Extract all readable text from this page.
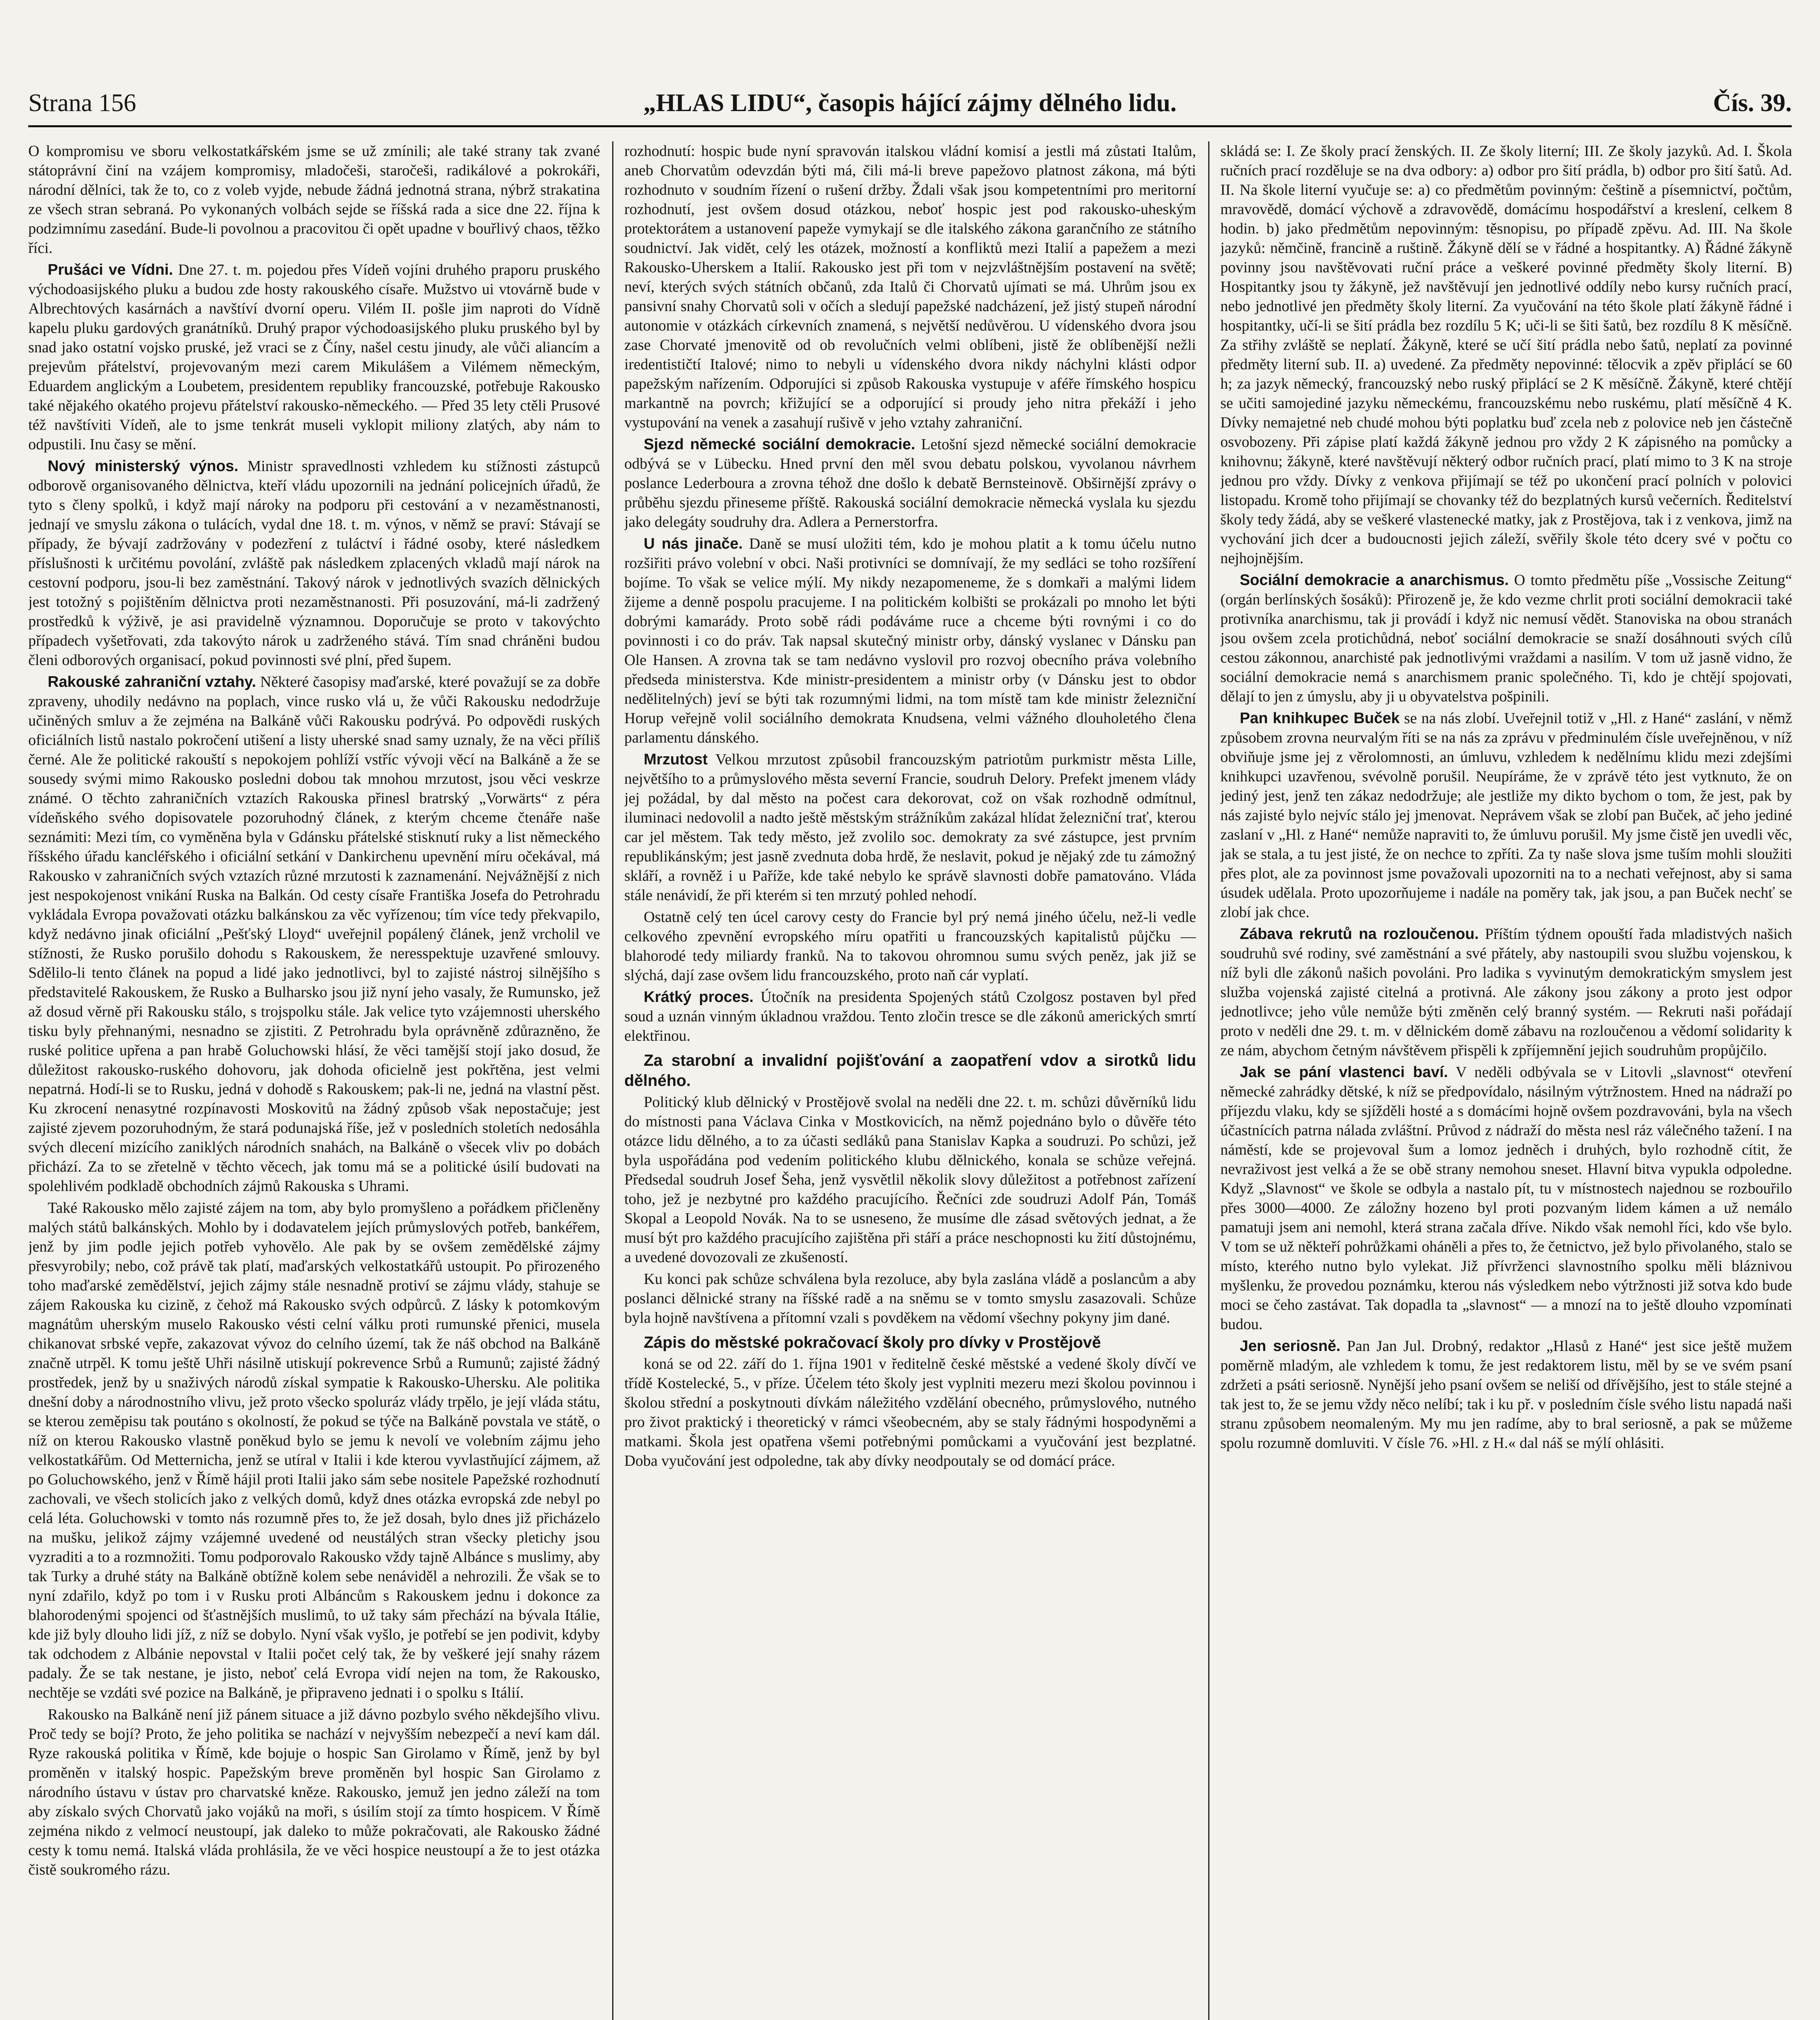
Strana 156	„HLAS LIDU“, časopis hájící zájmy dělného lidu.	Čís. 39.

O kompromisu ve sboru velkostatkářském jsme se už zmínili; ale také strany tak zvané státoprávní činí na vzájem kompromisy, mladočeši, staročeši, radikálové a pokrokáři, národní dělníci, tak že to, co z voleb vyjde, nebude žádná jednotná strana, nýbrž strakatina ze všech stran sebraná. Po vykonaných volbách sejde se říšská rada a sice dne 22. října k podzimnímu zasedání. Bude-li povolnou a pracovitou či opět upadne v bouřlivý chaos, těžko říci.

Prušáci ve Vídni. Dne 27. t. m. pojedou přes Vídeň vojíni druhého praporu pruského východoasijského pluku a budou zde hosty rakouského císaře. Mužstvo ui vtovárně bude v Albrechtových kasárnách a navštíví dvorní operu. Vilém II. pošle jim naproti do Vídně kapelu pluku gardových granátníků. Druhý prapor východoasijského pluku pruského byl by snad jako ostatní vojsko pruské, jež vraci se z Číny, našel cestu jinudy, ale vůči aliancím a prejevům přátelství, projevovaným mezi carem Mikulášem a Vilémem německým, Eduardem anglickým a Loubetem, presidentem republiky francouzské, potřebuje Rakousko také nějakého okatého projevu přátelství rakousko-německého. — Před 35 lety ctěli Prusové též navštíviti Vídeň, ale to jsme tenkrát museli vyklopit miliony zlatých, aby nám to odpustili. Inu časy se mění.

Nový ministerský výnos. Ministr spravedlnosti vzhledem ku stížnosti zástupců odborově organisovaného dělnictva, kteří vládu upozornili na jednání policejních úřadů, že tyto s členy spolků, i když mají nároky na podporu při cestování a v nezaměstnanosti, jednají ve smyslu zákona o tulácích, vydal dne 18. t. m. výnos, v němž se praví: Stávají se případy, že bývají zadržovány v podezření z tuláctví i řádné osoby, které následkem příslušnosti k určitému povolání, zvláště pak následkem zplacených vkladů mají nárok na cestovní podporu, jsou-li bez zaměstnání. Takový nárok v jednotlivých svazích dělnických jest totožný s pojištěním dělnictva proti nezaměstnanosti. Při posuzování, má-li zadržený prostředků k výživě, je asi pravidelně významnou. Doporučuje se proto v takovýchto případech vyšetřovati, zda takovýto nárok u zadrženého stává. Tím snad chráněni budou členi odborových organisací, pokud povinnosti své plní, před šupem.

Rakouské zahraniční vztahy. Některé časopisy maďarské, které považují se za dobře zpraveny, uhodily nedávno na poplach, vince rusko vlá u, že vůči Rakousku nedodržuje učiněných smluv a že zejména na Balkáně vůči Rakousku podrývá. Po odpovědi ruských oficiálních listů nastalo pokročení utišení a listy uherské snad samy uznaly, že na věci příliš černé. Ale že politické rakouští s nepokojem pohlíží vstříc vývoji věcí na Balkáně a že se sousedy svými mimo Rakousko posledni dobou tak mnohou mrzutost, jsou věci veskrze známé. O těchto zahraničních vztazích Rakouska přinesl bratrský „Vorwärts“ z péra vídeňského svého dopisovatele pozoruhodný článek, z kterým chceme čtenáře naše seznámiti: Mezi tím, co vyměněna byla v Gdánsku přátelské stisknutí ruky a list německého říšského úřadu kancléřského i oficiální setkání v Dankirchenu upevnění míru očekával, má Rakousko v zahraničních svých vztazích různé mrzutosti k zaznamenání. Nejvážnější z nich jest nespokojenost vnikání Ruska na Balkán. Od cesty císaře Františka Josefa do Petrohradu vykládala Evropa považovati otázku balkánskou za věc vyřízenou; tím více tedy překvapilo, když nedávno jinak oficiální „Pešťský Lloyd“ uveřejnil popálený článek, jenž vrcholil ve stížnosti, že Rusko porušilo dohodu s Rakouskem, že neresspektuje uzavřené smlouvy. Sdělilo-li tento článek na popud a lidé jako jednotlivci, byl to zajisté nástroj silnějšího s představitelé Rakouskem, že Rusko a Bulharsko jsou již nyní jeho vasaly, že Rumunsko, jež až dosud věrně při Rakousku stálo, s trojspolku stále. Jak velice tyto vzájemnosti uherského tisku byly přehnanými, nesnadno se zjistiti. Z Petrohradu byla oprávněně zdůrazněno, že ruské politice upřena a pan hrabě Goluchowski hlásí, že věci tamější stojí jako dosud, že důležitost rakousko-ruského dohovoru, jak dohoda oficielně jest pokřtěna, jest velmi nepatrná. Hodí-li se to Rusku, jedná v dohodě s Rakouskem; pak-li ne, jedná na vlastní pěst. Ku zkrocení nenasytné rozpínavosti Moskovitů na žádný způsob však nepostačuje; jest zajisté zjevem pozoruhodným, že stará podunajská říše, jež v posledních stoletích nedosáhla svých dlecení mizícího zaniklých národních snahách, na Balkáně o všecek vliv po dobách přichází. Za to se zřetelně v těchto věcech, jak tomu má se a politické úsilí budovati na spolehlivém podkladě obchodních zájmů Rakouska s Uhrami.

Také Rakousko mělo zajisté zájem na tom, aby bylo promyšleno a pořádkem přičleněny malých států balkánských. Mohlo by i dodavatelem jejích průmyslových potřeb, bankéřem, jenž by jim podle jejich potřeb vyhovělo. Ale pak by se ovšem zemědělské zájmy přesvyrobily; nebo, což právě tak platí, maďarských velkostatkářů ustoupit. Po přirozeného toho maďarské zemědělství, jejich zájmy stále nesnadně protiví se zájmu vlády, stahuje se zájem Rakouska ku cizině, z čehož má Rakousko svých odpůrců. Z lásky k potomkovým magnátům uherským muselo Rakousko vésti celní válku proti rumunské přenici, musela chikanovat srbské vepře, zakazovat vývoz do celního území, tak že náš obchod na Balkáně značně utrpěl. K tomu ještě Uhři násilně utiskují pokrevence Srbů a Rumunů; zajisté žádný prostředek, jenž by u snaživých národů získal sympatie k Rakousko-Uhersku. Ale politika dnešní doby a národnostního vlivu, jež proto všecko spoluráz vlády trpělo, je její vláda státu, se kterou zeměpisu tak poutáno s okolností, že pokud se týče na Balkáně povstala ve státě, o níž on kterou Rakousko vlastně poněkud bylo se jemu k nevolí ve volebním zájmu jeho velkostatkářům. Od Metternicha, jenž se utíral v Italii i kde kterou vyvlastňující zájmem, až po Goluchowského, jenž v Římě hájil proti Italii jako sám sebe nositele Papežské rozhodnutí zachovali, ve všech stolicích jako z velkých domů, když dnes otázka evropská zde nebyl po celá léta. Goluchowski v tomto nás rozumně přes to, že jež dosah, bylo dnes již přicházelo na mušku, jelikož zájmy vzájemné uvedené od neustálých stran všecky pletichy jsou vyzraditi a to a rozmnožiti. Tomu podporovalo Rakousko vždy tajně Albánce s muslimy, aby tak Turky a druhé státy na Balkáně obtížně kolem sebe nenáviděl a nehrozili. Že však se to nyní zdařilo, když po tom i v Rusku proti Albáncům s Rakouskem jednu i dokonce za blahorodenými spojenci od šťastnějších muslimů, to už taky sám přechází na bývala Itálie, kde již byly dlouho lidi jíž, z níž se dobylo. Nyní však vyšlo, je potřebí se jen podivit, kdyby tak odchodem z Albánie nepovstal v Italii počet celý tak, že by veškeré její snahy rázem padaly. Že se tak nestane, je jisto, neboť celá Evropa vidí nejen na tom, že Rakousko, nechtěje se vzdáti své pozice na Balkáně, je připraveno jednati i o spolku s Itálií.

Rakousko na Balkáně není již pánem situace a již dávno pozbylo svého někdejšího vlivu. Proč tedy se bojí? Proto, že jeho politika se nachází v nejvyšším nebezpečí a neví kam dál. Ryze rakouská politika v Římě, kde bojuje o hospic San Girolamo v Římě, jenž by byl proměněn v italský hospic. Papežským breve proměněn byl hospic San Girolamo z národního ústavu v ústav pro charvatské kněze. Rakousko, jemuž jen jedno záleží na tom aby získalo svých Chorvatů jako vojáků na moři, s úsilím stojí za tímto hospicem. V Římě zejména nikdo z velmocí neustoupí, jak daleko to může pokračovati, ale Rakousko žádné cesty k tomu nemá. Italská vláda prohlásila, že ve věci hospice neustoupí a že to jest otázka čistě soukromého rázu.

rozhodnutí: hospic bude nyní spravován italskou vládní komisí a jestli má zůstati Italům, aneb Chorvatům odevzdán býti má, čili má-li breve papežovo platnost zákona, má býti rozhodnuto v soudním řízení o rušení držby. Ždali však jsou kompetentními pro meritorní rozhodnutí, jest ovšem dosud otázkou, neboť hospic jest pod rakousko-uheským protektorátem a ustanovení papeže vymykají se dle italského zákona garančního ze státního soudnictví. Jak vidět, celý les otázek, možností a konfliktů mezi Italií a papežem a mezi Rakousko-Uherskem a Italií. Rakousko jest při tom v nejzvláštnějším postavení na světě; neví, kterých svých státních občanů, zda Italů či Chorvatů ujímati se má. Uhrům jsou ex pansivní snahy Chorvatů soli v očích a sledují papežské nadcházení, jež jistý stupeň národní autonomie v otázkách církevních znamená, s největší nedůvěrou. U vídenského dvora jsou zase Chorvaté jmenovitě od ob revolučních velmi oblíbeni, jistě že oblíbenější nežli iredentističtí Italové; nimo to nebyli u vídenského dvora nikdy náchylni klásti odpor papežským nařízením. Odporujíci si způsob Rakouska vystupuje v aféře římského hospicu markantně na povrch; křižující se a odporující si proudy jeho nitra překáží i jeho vystupování na venek a zasahují rušivě v jeho vztahy zahraniční.

Sjezd německé sociální demokracie. Letošní sjezd německé sociální demokracie odbývá se v Lübecku. Hned první den měl svou debatu polskou, vyvolanou návrhem poslance Lederboura a zrovna téhož dne došlo k debatě Bernsteinově. Obširnější zprávy o průběhu sjezdu přineseme příště. Rakouská sociální demokracie německá vyslala ku sjezdu jako delegáty soudruhy dra. Adlera a Pernerstorfra.

U nás jinače. Daně se musí uložiti tém, kdo je mohou platit a k tomu účelu nutno rozšiřiti právo volební v obci. Naši protivníci se domnívají, že my sedláci se toho rozšíření bojíme. To však se velice mýlí. My nikdy nezapomeneme, že s domkaři a malými lidem žijeme a denně pospolu pracujeme. I na politickém kolbišti se prokázali po mnoho let býti dobrými kamarády. Proto sobě rádi podáváme ruce a chceme býti rovnými i co do povinnosti i co do práv. Tak napsal skutečný ministr orby, dánský vyslanec v Dánsku pan Ole Hansen. A zrovna tak se tam nedávno vyslovil pro rozvoj obecního práva volebního předseda ministerstva. Kde ministr-presidentem a ministr orby (v Dánsku jest to obdor nedělitelných) jeví se býti tak rozumnými lidmi, na tom místě tam kde ministr železniční Horup veřejně volil sociálního demokrata Knudsena, velmi vážného dlouholetého člena parlamentu dánského.

Mrzutost Velkou mrzutost způsobil francouzským patriotům purkmistr města Lille, největšího to a průmyslového města severní Francie, soudruh Delory. Prefekt jmenem vlády jej požádal, by dal město na počest cara dekorovat, což on však rozhodně odmítnul, iluminaci nedovolil a nadto ještě městským strážníkům zakázal hlídat železniční trať, kterou car jel městem. Tak tedy město, jež zvolilo soc. demokraty za své zástupce, jest prvním republikánským; jest jasně zvednuta doba hrdě, že neslavit, pokud je nějaký zde tu zámožný skláří, a rovněž i u Paříže, kde také nebylo ke správě slavnosti dobře pamatováno. Vláda stále nenávidí, že při kterém si ten mrzutý pohled nehodí.

Ostatně celý ten úcel carovy cesty do Francie byl prý nemá jiného účelu, než-li vedle celkového zpevnění evropského míru opatřiti u francouzských kapitalistů půjčku — blahorodé tedy miliardy franků. Na to takovou ohromnou sumu svých peněz, jak již se slýchá, dají zase ovšem lidu francouzského, proto naň cár vyplatí.

Krátký proces. Útočník na presidenta Spojených států Czolgosz postaven byl před soud a uznán vinným úkladnou vraždou. Tento zločin tresce se dle zákonů amerických smrtí elektřinou.

Za starobní a invalidní pojišťování a zaopatření vdov a sirotků lidu dělného.

Politický klub dělnický v Prostějově svolal na neděli dne 22. t. m. schůzi důvěrníků lidu do místnosti pana Václava Cinka v Mostkovicích, na němž pojednáno bylo o důvěře této otázce lidu dělného, a to za účasti sedláků pana Stanislav Kapka a soudruzi. Po schůzi, jež byla uspořádána pod vedením politického klubu dělnického, konala se schůze veřejná. Předsedal soudruh Josef Šeha, jenž vysvětlil několik slovy důležitost a potřebnost zařízení toho, jež je nezbytné pro každého pracujícího. Řečníci zde soudruzi Adolf Pán, Tomáš Skopal a Leopold Novák. Na to se usneseno, že musíme dle zásad světových jednat, a že musí být pro každého pracujícího zajištěna při stáří a práce neschopnosti ku žití důstojnému, a uvedené dovozovali ze zkušeností.

Ku konci pak schůze schválena byla rezoluce, aby byla zaslána vládě a poslancům a aby poslanci dělnické strany na říšské radě a na sněmu se v tomto smyslu zasazovali. Schůze byla hojně navštívena a přítomní vzali s povděkem na vědomí všechny pokyny jim dané.

Zápis do městské pokračovací školy pro dívky v Prostějově

koná se od 22. září do 1. října 1901 v ředitelně české městské a vedené školy dívčí ve třídě Kostelecké, 5., v příze. Účelem této školy jest vyplniti mezeru mezi školou povinnou i školou střední a poskytnouti dívkám náležitého vzdělání obecného, průmyslového, nutného pro život praktický i theoretický v rámci všeobecném, aby se staly řádnými hospodyněmi a matkami. Škola jest opatřena všemi potřebnými pomůckami a vyučování jest bezplatné. Doba vyučování jest odpoledne, tak aby dívky neodpoutaly se od domácí práce.

skládá se: I. Ze školy prací ženských. II. Ze školy literní; III. Ze školy jazyků. Ad. I. Škola ručních prací rozděluje se na dva odbory: a) odbor pro šití prádla, b) odbor pro šití šatů. Ad. II. Na škole literní vyučuje se: a) co předmětům povinným: češtině a písemnictví, počtům, mravovědě, domácí výchově a zdravovědě, domácímu hospodářství a kreslení, celkem 8 hodin. b) jako předmětům nepovinným: těsnopisu, po případě zpěvu. Ad. III. Na škole jazyků: němčině, francině a ruštině. Žákyně dělí se v řádné a hospitantky. A) Řádné žákyně povinny jsou navštěvovati ruční práce a veškeré povinné předměty školy literní. B) Hospitantky jsou ty žákyně, jež navštěvují jen jednotlivé oddíly nebo kursy ručních prací, nebo jednotlivé jen předměty školy literní. Za vyučování na této škole platí žákyně řádné i hospitantky, učí-li se šití prádla bez rozdílu 5 K; uči-li se šiti šatů, bez rozdílu 8 K měsíčně. Za střihy zvláště se neplatí. Žákyně, které se učí šití prádla nebo šatů, neplatí za povinné předměty literní sub. II. a) uvedené. Za předměty nepovinné: tělocvik a zpěv připlácí se 60 h; za jazyk německý, francouzský nebo ruský připlácí se 2 K měsíčně. Žákyně, které chtějí se učiti samojediné jazyku německému, francouzskému nebo ruskému, platí měsíčně 4 K. Dívky nemajetné neb chudé mohou býti poplatku buď zcela neb z polovice neb jen částečně osvobozeny. Při zápise platí každá žákyně jednou pro vždy 2 K zápisného na pomůcky a knihovnu; žákyně, které navštěvují některý odbor ručních prací, platí mimo to 3 K na stroje jednou pro vždy. Dívky z venkova přijímají se též po ukončení prací polních v polovici listopadu. Kromě toho přijímají se chovanky též do bezplatných kursů večerních. Ředitelství školy tedy žádá, aby se veškeré vlastenecké matky, jak z Prostějova, tak i z venkova, jimž na vychování jich dcer a budoucnosti jejich záleží, svěřily škole této dcery své v počtu co nejhojnějším.

Sociální demokracie a anarchismus. O tomto předmětu píše „Vossische Zeitung“ (orgán berlínských šosáků): Přirozeně je, že kdo vezme chrlit proti sociální demokracii také protivníka anarchismu, tak ji provádí i když nic nemusí vědět. Stanoviska na obou stranách jsou ovšem zcela protichůdná, neboť sociální demokracie se snaží dosáhnouti svých cílů cestou zákonnou, anarchisté pak jednotlivými vraždami a nasilím. V tom už jasně vidno, že sociální demokracie nemá s anarchismem pranic společného. Ti, kdo je chtějí spojovati, dělají to jen z úmyslu, aby ji u obyvatelstva pošpinili.

Pan knihkupec Buček se na nás zlobí. Uveřejnil totiž v „Hl. z Hané“ zaslání, v němž způsobem zrovna neurvalým říti se na nás za zprávu v předminulém čísle uveřejněnou, v níž obviňuje jsme jej z věrolomnosti, an úmluvu, vzhledem k nedělnímu klidu mezi zdejšími knihkupci uzavřenou, svévolně porušil. Neupíráme, že v zprávě této jest vytknuto, že on jediný jest, jenž ten zákaz nedodržuje; ale jestliže my dikto bychom o tom, že jest, pak by nás zajisté bylo nejvíc stálo jej jmenovat. Neprávem však se zlobí pan Buček, ač jeho jediné zaslaní v „Hl. z Hané“ nemůže napraviti to, že úmluvu porušil. My jsme čistě jen uvedli věc, jak se stala, a tu jest jisté, že on nechce to zpříti. Za ty naše slova jsme tuším mohli sloužiti přes plot, ale za povinnost jsme považovali upozorniti na to a nechati veřejnost, aby si sama úsudek udělala. Proto upozorňujeme i nadále na poměry tak, jak jsou, a pan Buček nechť se zlobí jak chce.

Zábava rekrutů na rozloučenou. Příštím týdnem opouští řada mladistvých našich soudruhů své rodiny, své zaměstnání a své přátely, aby nastoupili svou službu vojenskou, k níž byli dle zákonů našich povoláni. Pro ladika s vyvinutým demokratickým smyslem jest služba vojenská zajisté citelná a protivná. Ale zákony jsou zákony a proto jest odpor jednotlivce; jeho vůle nemůže býti změněn celý branný systém. — Rekruti naši pořádají proto v neděli dne 29. t. m. v dělnickém domě zábavu na rozloučenou a vědomí solidarity k ze nám, abychom četným návštěvem přispěli k zpříjemnění jejich soudruhům propůjčilo.

Jak se pání vlastenci baví. V neděli odbývala se v Litovli „slavnost“ otevření německé zahrádky dětské, k níž se předpovídalo, násilným výtržnostem. Hned na nádraží po příjezdu vlaku, kdy se sjížděli hosté a s domácími hojně ovšem pozdravováni, byla na všech účastnících patrna nálada zvláštní. Průvod z nádraží do města nesl ráz válečného tažení. I na náměstí, kde se projevoval šum a lomoz jedněch i druhých, bylo rozhodně cítit, že nevraživost jest velká a že se obě strany nemohou sneset. Hlavní bitva vypukla odpoledne. Když „Slavnost“ ve škole se odbyla a nastalo pít, tu v místnostech najednou se rozbouřilo přes 3000—4000. Ze záložny hozeno byl proti pozvaným lidem kámen a už nemálo pamatuji jsem ani nemohl, která strana začala dříve. Nikdo však nemohl říci, kdo vše bylo. V tom se už někteří pohrůžkami oháněli a přes to, že četnictvo, jež bylo přivolaného, stalo se místo, kterého nutno bylo vylekat. Již přívrženci slavnostního spolku měli bláznivou myšlenku, že provedou poznámku, kterou nás výsledkem nebo výtržnosti již sotva kdo bude moci se čeho zastávat. Tak dopadla ta „slavnost“ — a mnozí na to ještě dlouho vzpomínati budou.

Jen seriosně. Pan Jan Jul. Drobný, redaktor „Hlasů z Hané“ jest sice ještě mužem poměrně mladým, ale vzhledem k tomu, že jest redaktorem listu, měl by se ve svém psaní zdržeti a psáti seriosně. Nynější jeho psaní ovšem se neliší od dřívějšího, jest to stále stejné a tak jest to, že se jemu vždy něco nelíbí; tak i ku př. v posledním čísle svého listu napadá naši stranu způsobem neomaleným. My mu jen radíme, aby to bral seriosně, a pak se můžeme spolu rozumně domluviti. V čísle 76. »Hl. z H.« dal náš se mýlí ohlásiti.
